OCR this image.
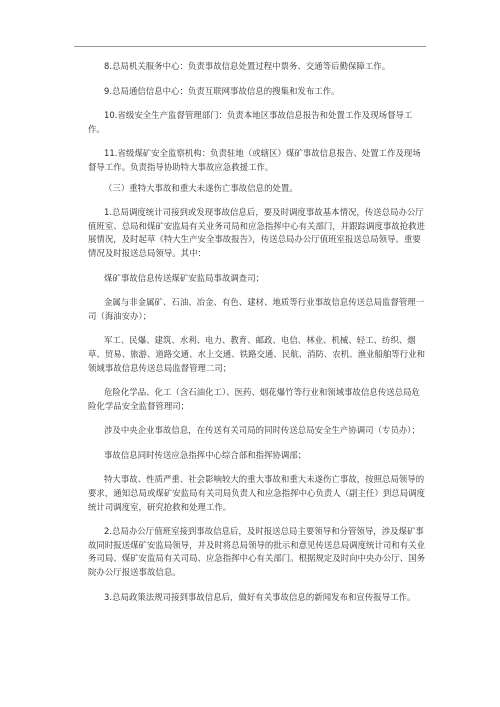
8.总局机关服务中心：负责事故信息处置过程中票务、交通等后勤保障工作。

9.总局通信信息中心：负责互联网事故信息的搜集和发布工作。

10.省级安全生产监督管理部门：负责本地区事故信息报告和处置工作及现场督导工作。

11.省级煤矿安全监察机构：负责驻地（或辖区）煤矿事故信息报告、处置工作及现场督导工作。负责指导协助特大事故应急救援工作。

（三）重特大事故和重大未遂伤亡事故信息的处置。

1.总局调度统计司接到或发现事故信息后，要及时调度事故基本情况，传送总局办公厅值班室、总局和煤矿安监局有关业务司局和应急指挥中心有关部门，并跟踪调度事故抢救进展情况，及时起草《特大生产安全事故报告》，传送总局办公厅值班室报送总局领导。重要情况及时报送总局领导。其中：

煤矿事故信息传送煤矿安监局事故调查司；

金属与非金属矿、石油、冶金、有色、建材、地质等行业事故信息传送总局监督管理一司（海油安办）；

军工、民爆、建筑、水利、电力、教育、邮政、电信、林业、机械、轻工、纺织、烟草、贸易、旅游、道路交通、水上交通、铁路交通、民航、消防、农机、渔业船舶等行业和领域事故信息传送总局监督管理二司；

危险化学品、化工（含石油化工）、医药、烟花爆竹等行业和领域事故信息传送总局危险化学品安全监督管理司；

涉及中央企业事故信息，在传送有关司局的同时传送总局安全生产协调司（专员办）；

事故信息同时传送应急指挥中心综合部和指挥协调部；

特大事故、性质严重、社会影响较大的重大事故和重大未遂伤亡事故，按照总局领导的要求，通知总局或煤矿安监局有关司局负责人和应急指挥中心负责人（副主任）到总局调度统计司调度室，研究抢救和处理工作。

2.总局办公厅值班室接到事故信息后，及时报送总局主要领导和分管领导，涉及煤矿事故同时报送煤矿安监局领导，并及时将总局领导的批示和意见传送总局调度统计司和有关业务司局、煤矿安监局有关司局、应急指挥中心有关部门。根据规定及时向中央办公厅、国务院办公厅报送事故信息。

3.总局政策法规司接到事故信息后，做好有关事故信息的新闻发布和宣传报导工作。
